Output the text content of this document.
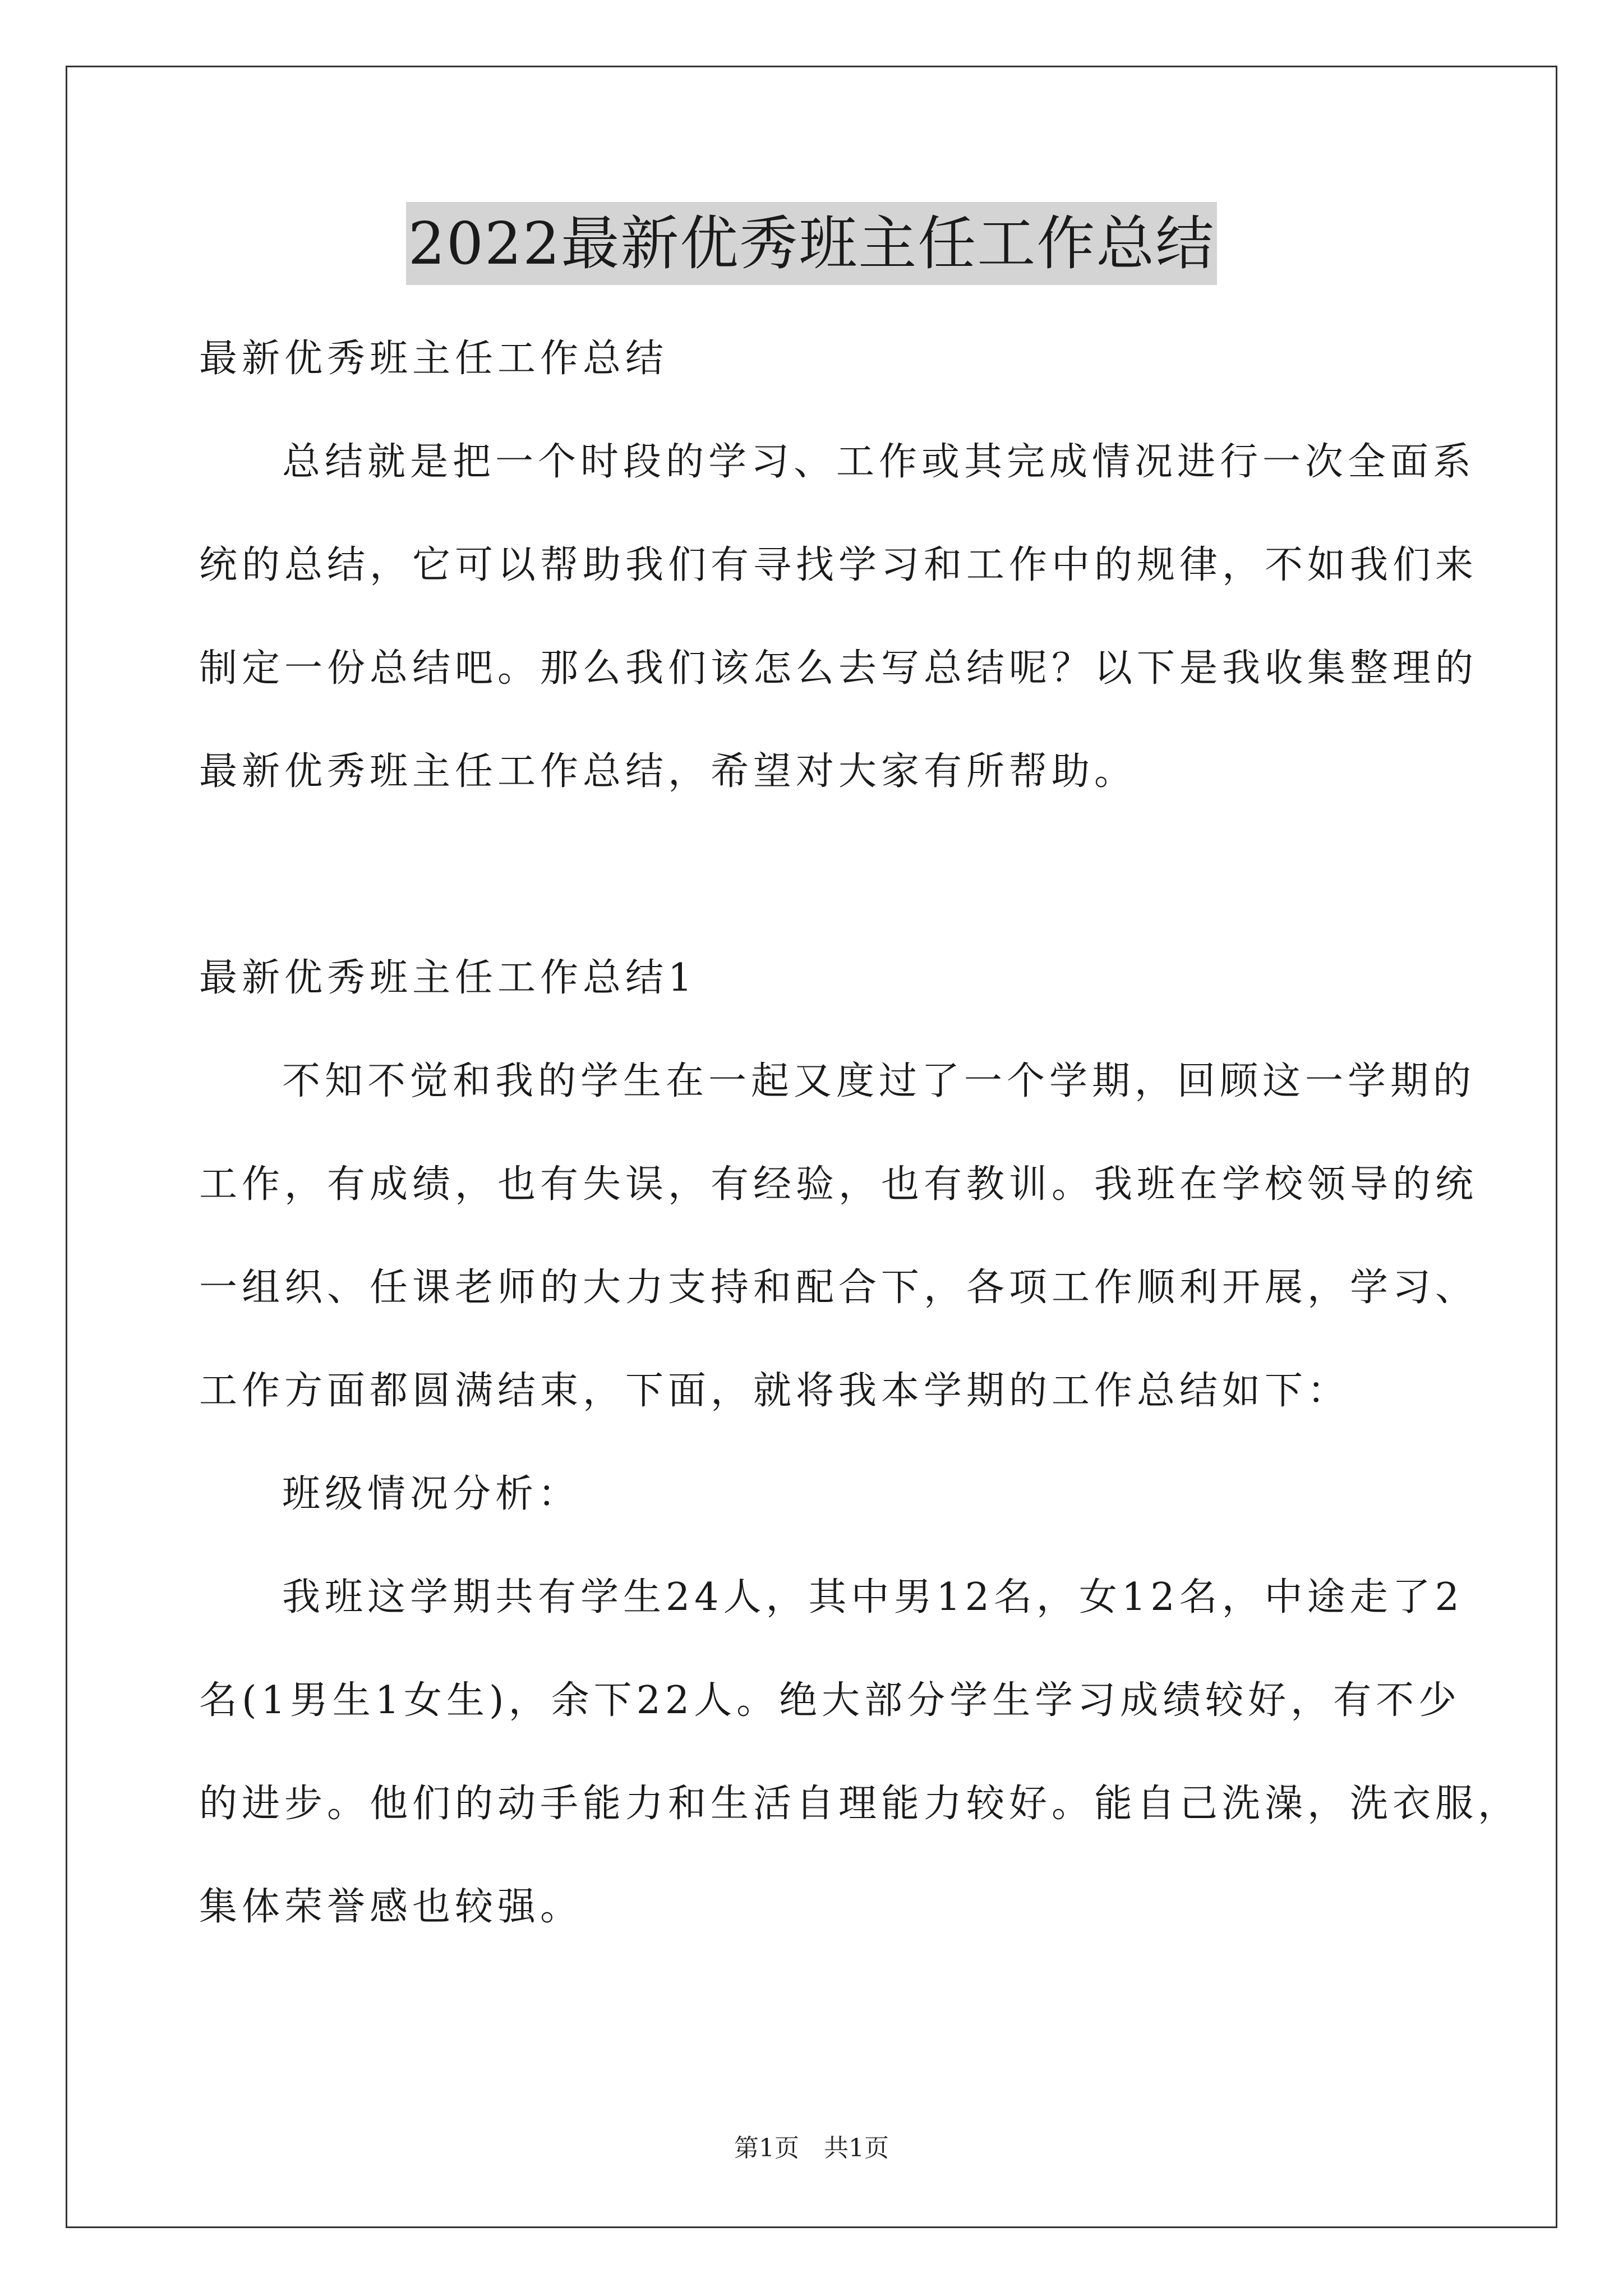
2022最新优秀班主任工作总结
最新优秀班主任工作总结
总结就是把一个时段的学习、工作或其完成情况进行一次全面系
统的总结，它可以帮助我们有寻找学习和工作中的规律，不如我们来
制定一份总结吧。那么我们该怎么去写总结呢？以下是我收集整理的
最新优秀班主任工作总结，希望对大家有所帮助。
最新优秀班主任工作总结1
不知不觉和我的学生在一起又度过了一个学期，回顾这一学期的
工作，有成绩，也有失误，有经验，也有教训。我班在学校领导的统
一组织、任课老师的大力支持和配合下，各项工作顺利开展，学习、
工作方面都圆满结束，下面，就将我本学期的工作总结如下：
班级情况分析：
我班这学期共有学生24人，其中男12名，女12名，中途走了2
名(1男生1女生)，余下22人。绝大部分学生学习成绩较好，有不少
的进步。他们的动手能力和生活自理能力较好。能自己洗澡，洗衣服，
集体荣誉感也较强。
第1页　共1页
